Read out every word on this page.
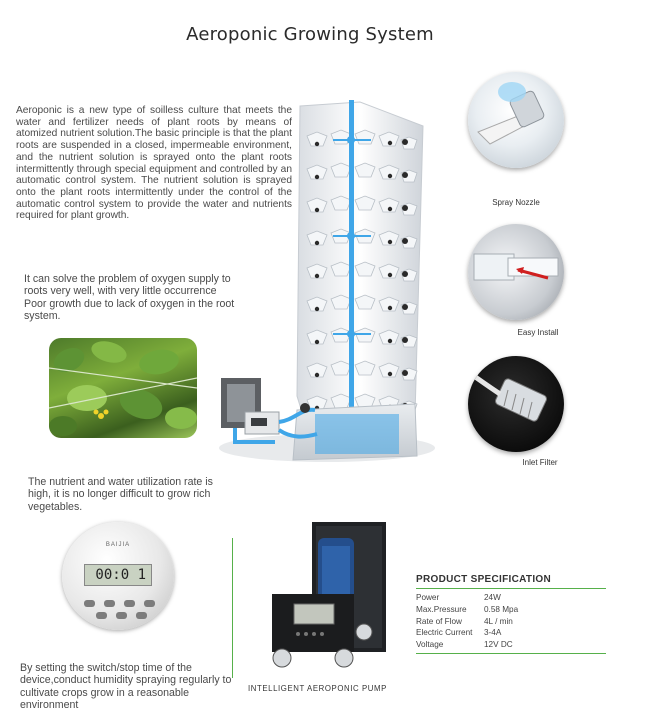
Aeroponic Growing System
Aeroponic is a new type of soilless culture that meets the water and fertilizer needs of plant roots by means of atomized nutrient solution.The basic principle is that the plant roots are suspended in a closed, impermeable environment, and the nutrient solution is sprayed onto the plant roots intermittently through special equipment and controlled by an automatic control system. The nutrient solution is sprayed onto the plant roots intermittently under the control of the automatic control system to provide the water and nutrients required for plant growth.
It can solve the problem of oxygen supply to roots very well, with very little occurrence Poor growth due to lack of oxygen in the root system.
The nutrient and water utilization rate is high, it is no longer difficult to grow rich vegetables.
By setting the switch/stop time of the device,conduct humidity spraying regularly to cultivate crops grow in a reasonable environment
Spray Nozzle
Easy Install
Inlet Filter
BAIJIA
00:0 1
INTELLIGENT AEROPONIC PUMP
PRODUCT SPECIFICATION
Power	24W
Max.Pressure	0.58 Mpa
Rate of Flow	4L / min
Electric Current	3-4A
Voltage	12V DC
